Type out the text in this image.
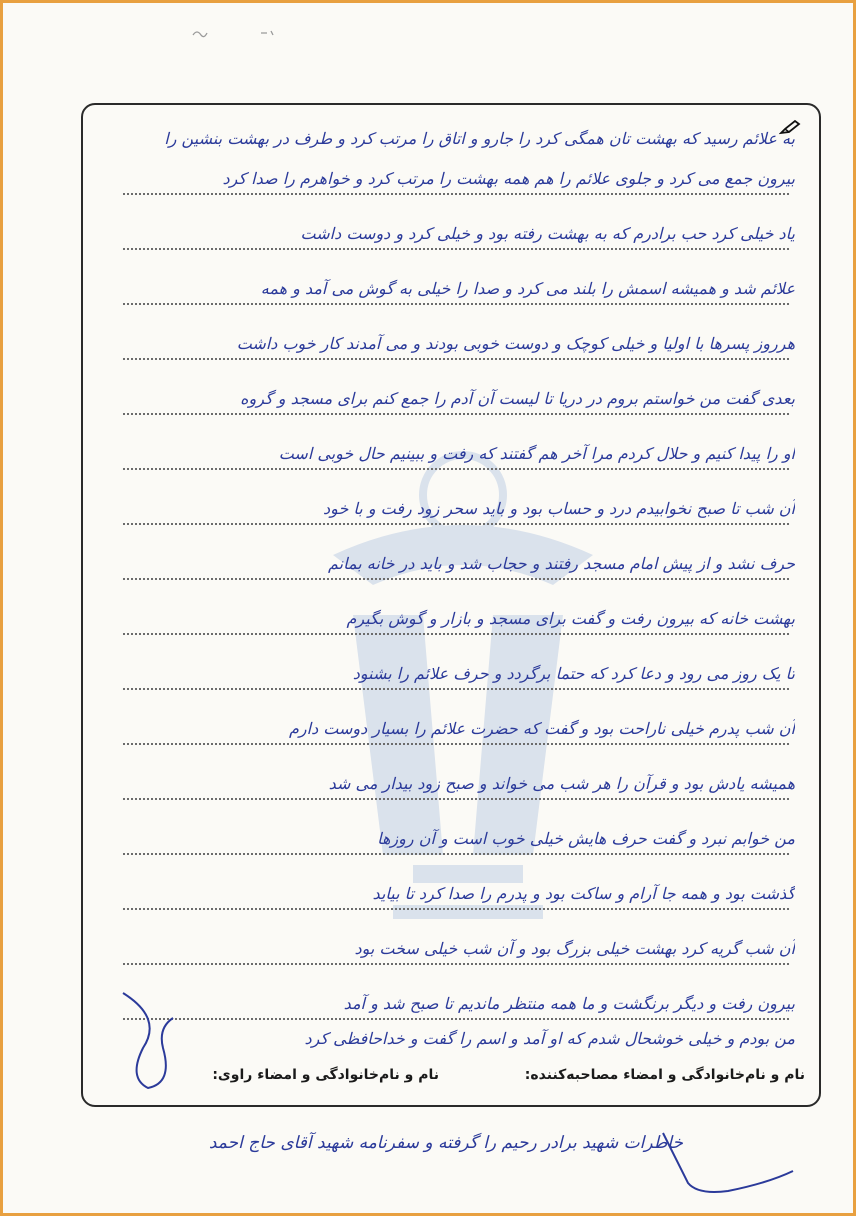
به علائم رسید که بهشت تان همگی کرد را جارو و اتاق را مرتب کرد و طرف در بهشت بنشین را
بیرون جمع می کرد و جلوی علائم را هم همه بهشت را مرتب کرد و خواهرم را صدا کرد
یاد خیلی کرد حب برادرم که به بهشت رفته بود و خیلی کرد و دوست داشت
علائم شد و همیشه اسمش را بلند می کرد و صدا را خیلی به گوش می آمد و همه
هرروز پسرها با اولیا و خیلی کوچک و دوست خوبی بودند و می آمدند کار خوب داشت
بعدی گفت من خواستم بروم در دریا تا لیست آن آدم را جمع کنم برای مسجد و گروه
او را پیدا کنیم و حلال کردم مرا آخر هم گفتند که رفت و ببینیم حال خوبی است
آن شب تا صبح نخوابیدم درد و حساب بود و باید سحر زود رفت و با خود
حرف نشد و از پیش امام مسجد رفتند و حجاب شد و باید در خانه بمانم
بهشت خانه که بیرون رفت و گفت برای مسجد و بازار و گوش بگیرم
تا یک روز می رود و دعا کرد که حتما برگردد و حرف علائم را بشنود
آن شب پدرم خیلی ناراحت بود و گفت که حضرت علائم را بسیار دوست دارم
همیشه یادش بود و قرآن را هر شب می خواند و صبح زود بیدار می شد
من خوابم نبرد و گفت حرف هایش خیلی خوب است و آن روزها
گذشت بود و همه جا آرام و ساکت بود و پدرم را صدا کرد تا بیاید
آن شب گریه کرد بهشت خیلی بزرگ بود و آن شب خیلی سخت بود
بیرون رفت و دیگر برنگشت و ما همه منتظر ماندیم تا صبح شد و آمد
من بودم و خیلی خوشحال شدم که او آمد و اسم را گفت و خداحافظی کرد
نام و نام‌خانوادگی و امضاء مصاحبه‌کننده:
نام و نام‌خانوادگی و امضاء راوی:
خاطرات شهید برادر رحیم را گرفته و سفرنامه شهید آقای حاج احمد
